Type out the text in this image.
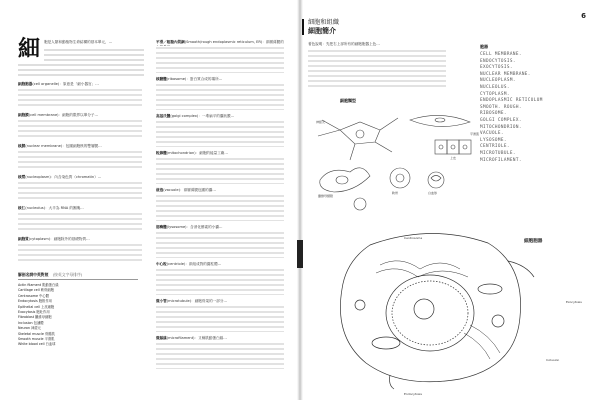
細 胞是人類和動植物生命結構的基本單元，…
細胞胞器(cell organelle)：原意是「細小器官」…
細胞膜(cell membrane)：細胞的限界以單分子…
核膜(nuclear membrane)：包圍細胞核的雙層膜…
核漿(nucleoplasm)：內含染色質（chromatin）…
核仁(nucleolus)：大半為 RNA 的團塊…
細胞質(cytoplasm)：細胞除外的基礎物質…
平滑／粗糙內質網(Smooth/rough endoplasmic reticulum, ER)：兩層薄膜的
核糖體(ribosome)：蛋白質合成的場所…
高基氏體(golgi complex)：一堆扁平的囊狀膜…
粒線體(mitochondrion)：細胞的能量工廠…
液泡(vacuole)：兩層薄膜包圍的囊…
溶酶體(lysosome)：含消化酵素的小囊…
中心粒(centriole)：兩組成對的圓柱體…
微小管(microtubule)：細胞骨架的一部分…
微絲絲(microfilament)：又稱肌動蛋白絲…
解剖名詞中英對照 (按英文字母排序)
Actin filament 肌動蛋白絲
Cartilage cell 軟骨細胞
Centrosome 中心體
Endocytosis 胞飲作用
Epithelial cell 上皮細胞
Exocytosis 胞吐作用
Fibroblast 纖維母細胞
Inclusion 包涵體
Neuron 神經元
Skeletal muscle 骨骼肌
Smooth muscle 平滑肌
White blood cell 白血球
6
細胞和組織
細胞簡介
著色說明：先把右上部所有的細胞胞器上色…	胞器
CELL MEMBRANE.
ENDOCYTOSIS.
EXOCYTOSIS.
NUCLEAR MEMBRANE.
NUCLEOPLASM.
NUCLEOLUS.
CYTOPLASM.
ENDOPLASMIC RETICULUM
SMOOTH. ROUGH.
RIBOSOME.
GOLGI COMPLEX.
MITOCHONDRION.
VACUOLE.
LYSOSOME.
CENTRIOLE.
MICROTUBULE.
MICROFILAMENT.
細胞類型
神經元
平滑肌
上皮
纖維母細胞
軟骨	白血球
細胞胞器
Centrosome
Exocytosis
Endocytosis
Inclusion
